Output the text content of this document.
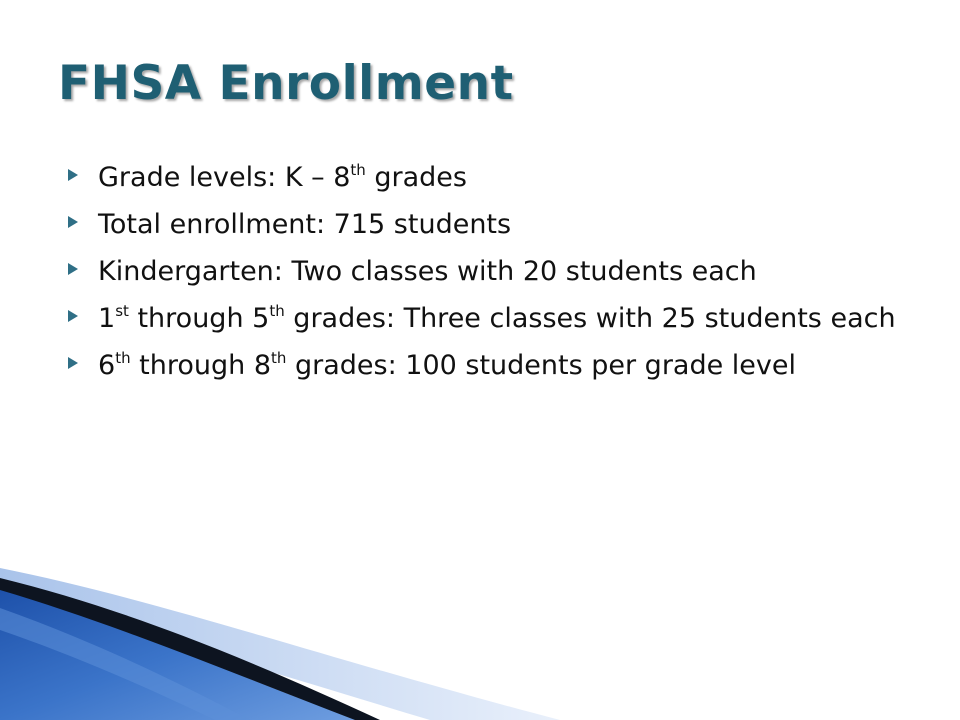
FHSA Enrollment
Grade levels: K – 8th grades
Total enrollment: 715 students
Kindergarten: Two classes with 20 students each
1st through 5th grades: Three classes with 25 students each
6th through 8th grades: 100 students per grade level
